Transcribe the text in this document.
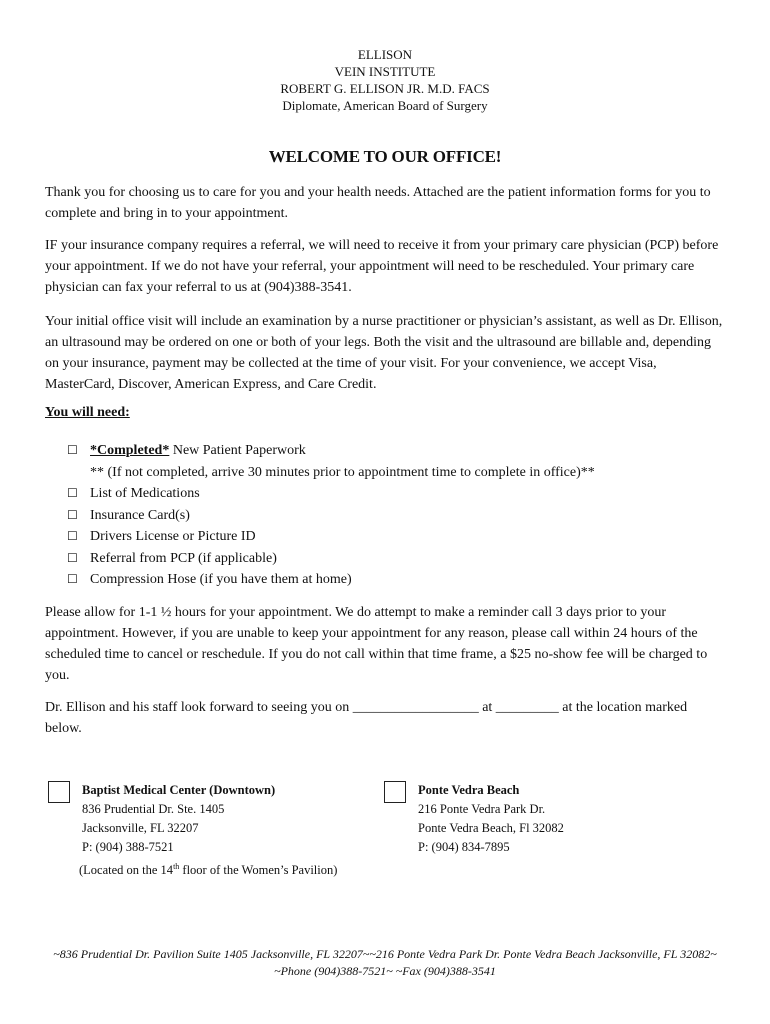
ELLISON
VEIN INSTITUTE
ROBERT G. ELLISON JR. M.D. FACS
Diplomate, American Board of Surgery
WELCOME TO OUR OFFICE!
Thank you for choosing us to care for you and your health needs. Attached are the patient information forms for you to complete and bring in to your appointment.
IF your insurance company requires a referral, we will need to receive it from your primary care physician (PCP) before your appointment. If we do not have your referral, your appointment will need to be rescheduled. Your primary care physician can fax your referral to us at (904)388-3541.
Your initial office visit will include an examination by a nurse practitioner or physician’s assistant, as well as Dr. Ellison, an ultrasound may be ordered on one or both of your legs. Both the visit and the ultrasound are billable and, depending on your insurance, payment may be collected at the time of your visit. For your convenience, we accept Visa, MasterCard, Discover, American Express, and Care Credit.
You will need:
☐ *Completed* New Patient Paperwork
** (If not completed, arrive 30 minutes prior to appointment time to complete in office)**
☐ List of Medications
☐ Insurance Card(s)
☐ Drivers License or Picture ID
☐ Referral from PCP (if applicable)
☐ Compression Hose (if you have them at home)
Please allow for 1-1 ½ hours for your appointment. We do attempt to make a reminder call 3 days prior to your appointment. However, if you are unable to keep your appointment for any reason, please call within 24 hours of the scheduled time to cancel or reschedule. If you do not call within that time frame, a $25 no-show fee will be charged to you.
Dr. Ellison and his staff look forward to seeing you on __________________ at _________ at the location marked below.
Baptist Medical Center (Downtown)
836 Prudential Dr. Ste. 1405
Jacksonville, FL 32207
P: (904) 388-7521
(Located on the 14th floor of the Women’s Pavilion)
Ponte Vedra Beach
216 Ponte Vedra Park Dr.
Ponte Vedra Beach, Fl 32082
P: (904) 834-7895
~836 Prudential Dr. Pavilion Suite 1405 Jacksonville, FL 32207~~216 Ponte Vedra Park Dr. Ponte Vedra Beach Jacksonville, FL 32082~
~Phone (904)388-7521~ ~Fax (904)388-3541
